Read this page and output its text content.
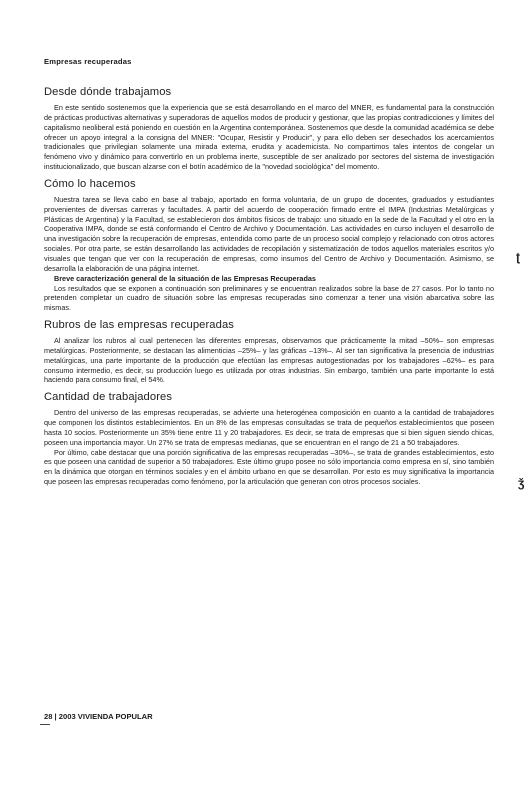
Empresas recuperadas
Desde dónde trabajamos

En este sentido sostenemos que la experiencia que se está desarrollando en el marco del MNER, es fundamental para la construcción de prácticas productivas alternativas y superadoras de aquellos modos de producir y gestionar, que las propias contradicciones y límites del capitalismo neoliberal está poniendo en cuestión en la Argentina contemporánea. Sostenemos que desde la comunidad académica se debe ofrecer un apoyo integral a la consigna del MNER: "Ocupar, Resistir y Producir", y para ello deben ser desechados los acercamientos tradicionales que privilegian solamente una mirada externa, erudita y academicista. No compartimos tales intentos de congelar un fenómeno vivo y dinámico para convertirlo en un problema inerte, susceptible de ser analizado por sectores del sistema de investigación institucionalizado, que buscan alzarse con el botín académico de la "novedad sociológica" del momento.

Cómo lo hacemos

Nuestra tarea se lleva cabo en base al trabajo, aportado en forma voluntaria, de un grupo de docentes, graduados y estudiantes provenientes de diversas carreras y facultades. A partir del acuerdo de cooperación firmado entre el IMPA (Industrias Metalúrgicas y Plásticas de Argentina) y la Facultad, se establecieron dos ámbitos físicos de trabajo: uno situado en la sede de la Facultad y el otro en la Cooperativa IMPA, donde se está conformando el Centro de Archivo y Documentación. Las actividades en curso incluyen el desarrollo de una investigación sobre la recuperación de empresas, entendida como parte de un proceso social complejo y relacionado con otros actores sociales. Por otra parte, se están desarrollando las actividades de recopilación y sistematización de todos aquellos materiales escritos y/o visuales que tengan que ver con la recuperación de empresas, como insumos del Centro de Archivo y Documentación. Asimismo, se desarrolla la elaboración de una página internet.

Breve caracterización general de la situación de las Empresas Recuperadas

Los resultados que se exponen a continuación son preliminares y se encuentran realizados sobre la base de 27 casos. Por lo tanto no pretenden completar un cuadro de situación sobre las empresas recuperadas sino comenzar a tener una visión abarcativa sobre las mismas.

Rubros de las empresas recuperadas

Al analizar los rubros al cual pertenecen las diferentes empresas, observamos que prácticamente la mitad –50%– son empresas metalúrgicas. Posteriormente, se destacan las alimenticias –25%– y las gráficas –13%–. Al ser tan significativa la presencia de industrias metalúrgicas, una parte importante de la producción que efectúan las empresas autogestionadas por los trabajadores –62%– es para consumo intermedio, es decir, su producción luego es utilizada por otras industrias. Sin embargo, también una parte importante lo está haciendo para consumo final, el 54%.

Cantidad de trabajadores

Dentro del universo de las empresas recuperadas, se advierte una heterogénea composición en cuanto a la cantidad de trabajadores que componen los distintos establecimientos. En un 8% de las empresas consultadas se trata de pequeños establecimientos que poseen hasta 10 socios. Posteriormente un 35% tiene entre 11 y 20 trabajadores. Es decir, se trata de empresas que si bien siguen siendo chicas, poseen una importancia mayor. Un 27% se trata de empresas medianas, que se encuentran en el rango de 21 a 50 trabajadores.

Por último, cabe destacar que una porción significativa de las empresas recuperadas –30%–, se trata de grandes establecimientos, esto es que poseen una cantidad de superior a 50 trabajadores. Este último grupo posee no sólo importancia como empresa en sí, sino también en la dinámica que otorgan en términos sociales y en el ámbito urbano en que se desarrollan. Por esto es muy significativa la importancia que poseen las empresas recuperadas como fenómeno, por la articulación que generan con otros procesos sociales.

ʈ
ǯ
28 | 2003 VIVIENDA POPULAR
